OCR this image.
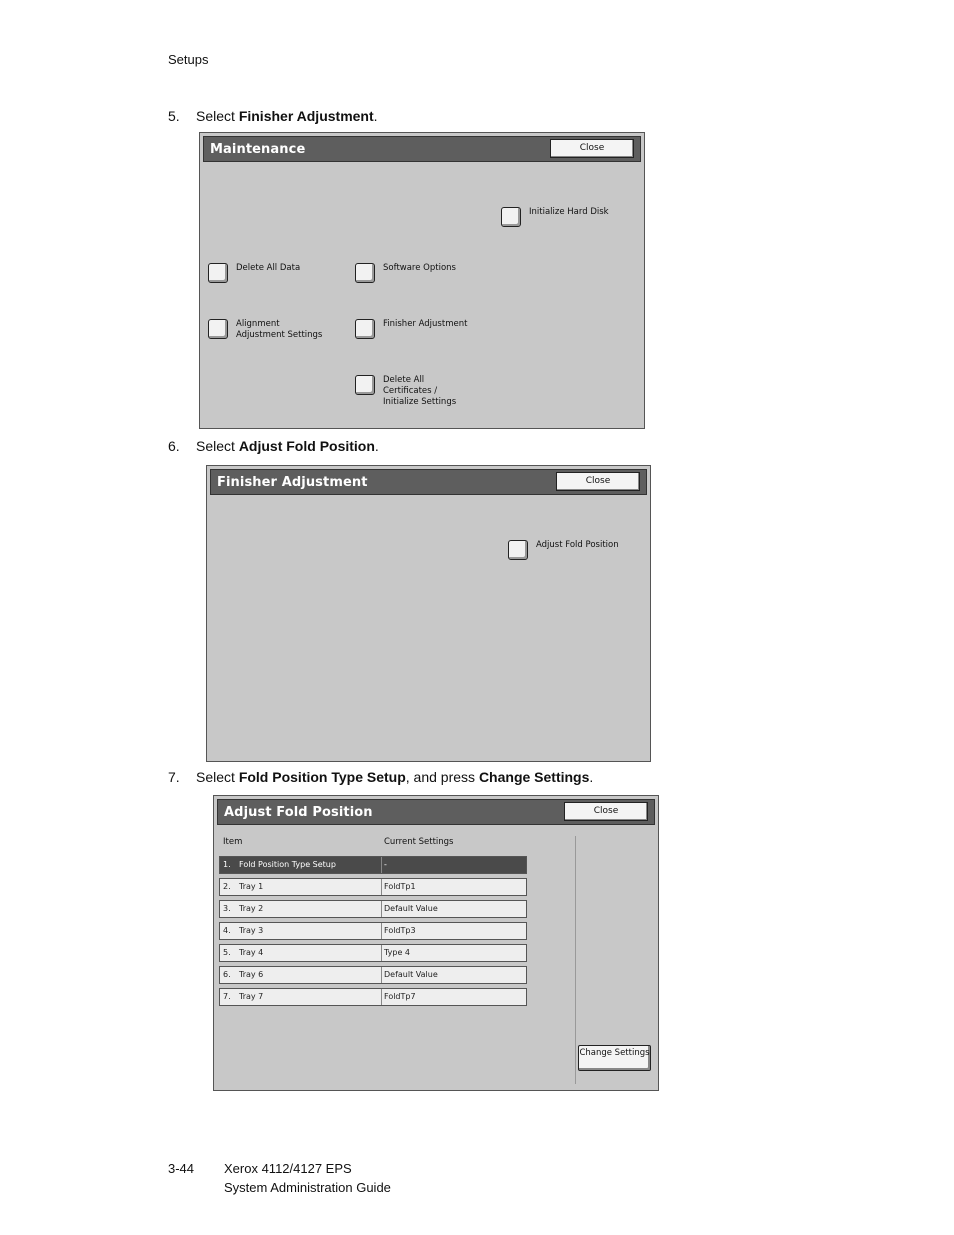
Setups
5. Select Finisher Adjustment.
Maintenance	Close
Initialize Hard Disk
Delete All Data	Software Options
Alignment Adjustment Settings
Finisher Adjustment
Delete All Certificates / Initialize Settings
6. Select Adjust Fold Position.
Finisher Adjustment	Close
Adjust Fold Position
7. Select Fold Position Type Setup, and press Change Settings.
Adjust Fold Position	Close
Item	Current Settings
1. Fold Position Type Setup	-
2. Tray 1	FoldTp1
3. Tray 2	Default Value
4. Tray 3	FoldTp3
5. Tray 4	Type 4
6. Tray 6	Default Value
7. Tray 7	FoldTp7
Change Settings
3-44 Xerox 4112/4127 EPS
System Administration Guide
